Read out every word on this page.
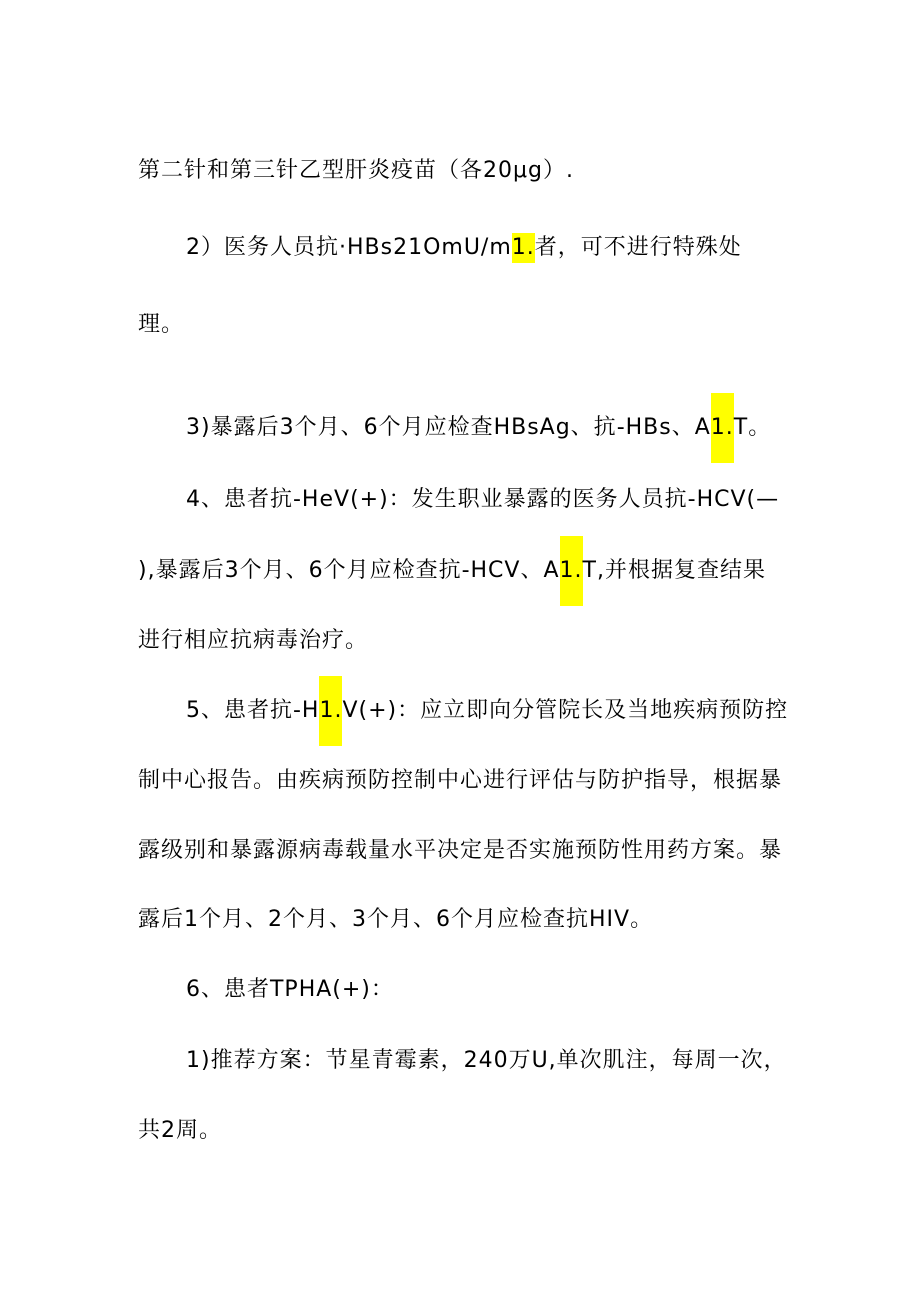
第二针和第三针乙型肝炎疫苗（各20μg）.
2）医务人员抗·HBs21OmU/m1.者，可不进行特殊处
理。
3)暴露后3个月、6个月应检查HBsAg、抗-HBs、A1.T。
4、患者抗-HeV(+)：发生职业暴露的医务人员抗-HCV(—
),暴露后3个月、6个月应检查抗-HCV、A1.T,并根据复查结果
进行相应抗病毒治疗。
5、患者抗-H1.V(+)：应立即向分管院长及当地疾病预防控
制中心报告。由疾病预防控制中心进行评估与防护指导，根据暴
露级别和暴露源病毒载量水平决定是否实施预防性用药方案。暴
露后1个月、2个月、3个月、6个月应检查抗HIV。
6、患者TPHA(+)：
1)推荐方案：节星青霉素，240万U,单次肌注，每周一次，
共2周。
